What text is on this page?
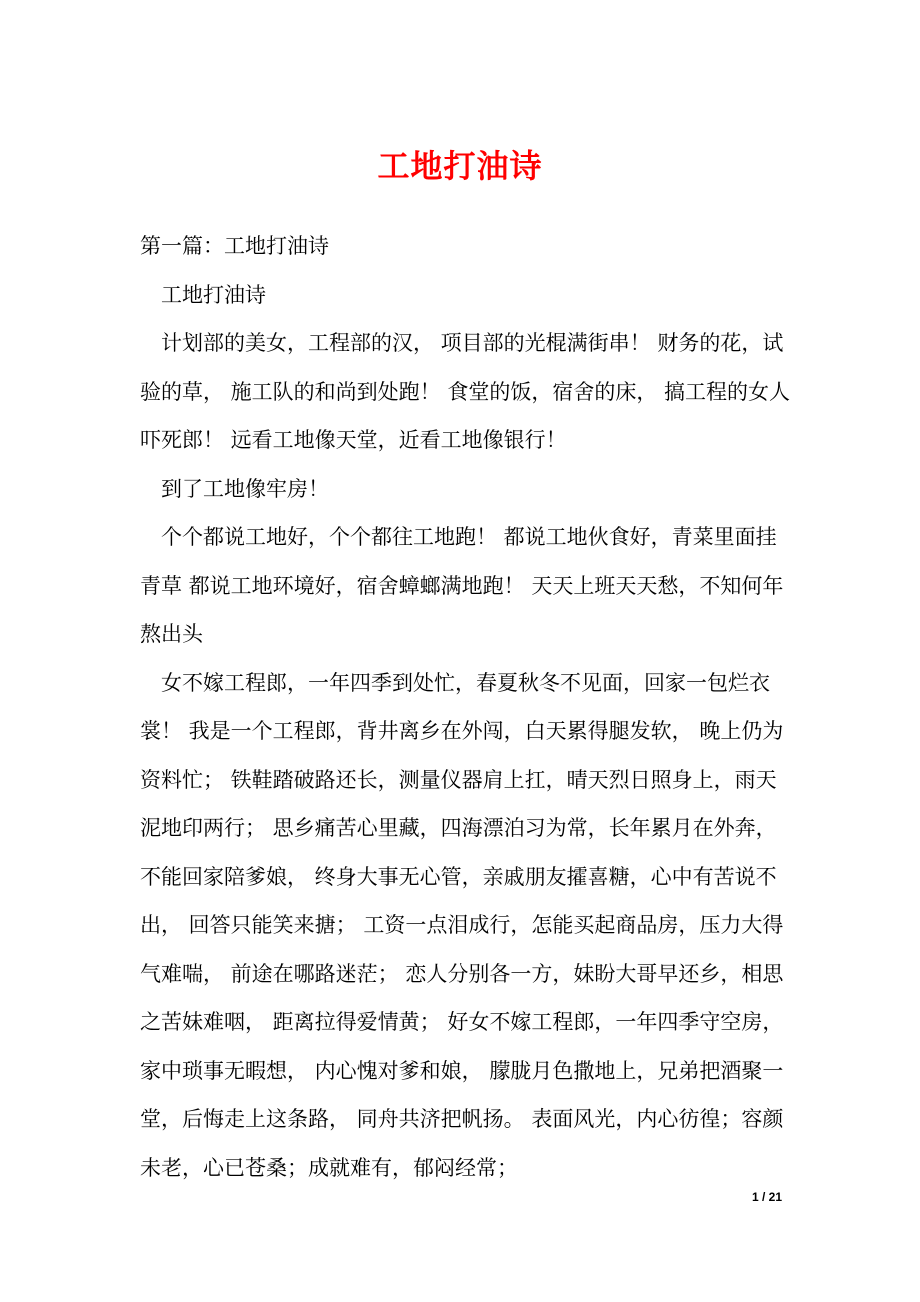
工地打油诗

第一篇：工地打油诗

工地打油诗

计划部的美女，工程部的汉， 项目部的光棍满街串！ 财务的花，试验的草， 施工队的和尚到处跑！ 食堂的饭，宿舍的床， 搞工程的女人吓死郎！ 远看工地像天堂，近看工地像银行！

到了工地像牢房！

个个都说工地好，个个都往工地跑！ 都说工地伙食好，青菜里面挂青草 都说工地环境好，宿舍蟑螂满地跑！ 天天上班天天愁，不知何年熬出头

女不嫁工程郎，一年四季到处忙，春夏秋冬不见面，回家一包烂衣裳！ 我是一个工程郎，背井离乡在外闯，白天累得腿发软， 晚上仍为资料忙； 铁鞋踏破路还长，测量仪器肩上扛，晴天烈日照身上，雨天泥地印两行； 思乡痛苦心里藏，四海漂泊习为常，长年累月在外奔， 不能回家陪爹娘， 终身大事无心管，亲戚朋友攉喜糖，心中有苦说不出， 回答只能笑来搪； 工资一点泪成行，怎能买起商品房，压力大得气难喘， 前途在哪路迷茫； 恋人分别各一方，妹盼大哥早还乡，相思之苦妹难咽， 距离拉得爱情黄； 好女不嫁工程郎，一年四季守空房，家中琐事无暇想， 内心愧对爹和娘， 朦胧月色撒地上，兄弟把酒聚一堂，后悔走上这条路， 同舟共济把帆扬。 表面风光，内心彷徨；容颜未老，心已苍桑；成就难有，郁闷经常；

1 / 21
